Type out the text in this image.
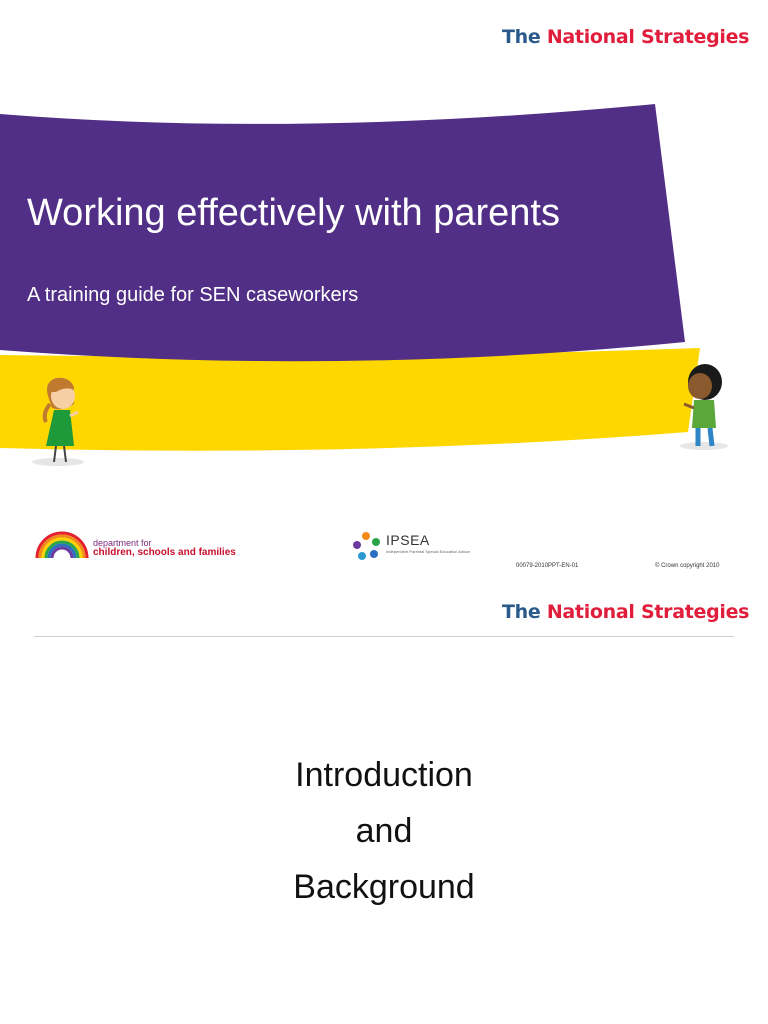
The National Strategies
Working effectively with parents
A training guide for SEN caseworkers
department for
children, schools and families
IPSEA
Independent Parental Special Education Advice
00079-2010PPT-EN-01	© Crown copyright 2010
The National Strategies
Introduction
and
Background
